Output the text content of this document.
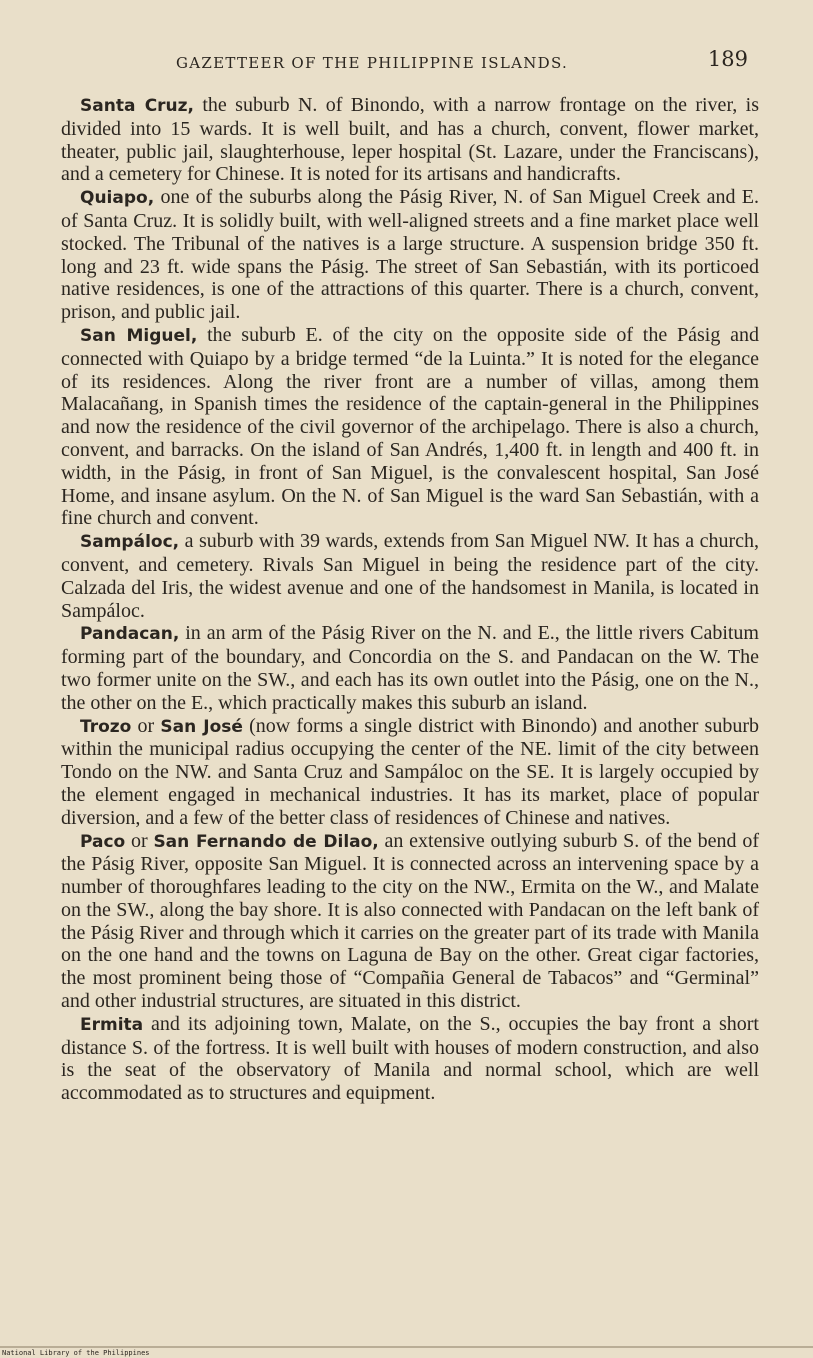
GAZETTEER OF THE PHILIPPINE ISLANDS.	189

Santa Cruz, the suburb N. of Binondo, with a narrow frontage on the river, is divided into 15 wards. It is well built, and has a church, convent, flower market, theater, public jail, slaughterhouse, leper hospital (St. Lazare, under the Franciscans), and a cemetery for Chinese. It is noted for its artisans and handicrafts.

Quiapo, one of the suburbs along the Pásig River, N. of San Miguel Creek and E. of Santa Cruz. It is solidly built, with well-aligned streets and a fine market place well stocked. The Tribunal of the natives is a large structure. A suspension bridge 350 ft. long and 23 ft. wide spans the Pásig. The street of San Sebastián, with its porticoed native residences, is one of the attractions of this quarter. There is a church, convent, prison, and public jail.

San Miguel, the suburb E. of the city on the opposite side of the Pásig and connected with Quiapo by a bridge termed “de la Luinta.” It is noted for the elegance of its residences. Along the river front are a number of villas, among them Malacañang, in Spanish times the residence of the captain-general in the Philippines and now the residence of the civil governor of the archipelago. There is also a church, convent, and barracks. On the island of San Andrés, 1,400 ft. in length and 400 ft. in width, in the Pásig, in front of San Miguel, is the convalescent hospital, San José Home, and insane asylum. On the N. of San Miguel is the ward San Sebastián, with a fine church and convent.

Sampáloc, a suburb with 39 wards, extends from San Miguel NW. It has a church, convent, and cemetery. Rivals San Miguel in being the residence part of the city. Calzada del Iris, the widest avenue and one of the handsomest in Manila, is located in Sampáloc.

Pandacan, in an arm of the Pásig River on the N. and E., the little rivers Cabitum forming part of the boundary, and Concordia on the S. and Pandacan on the W. The two former unite on the SW., and each has its own outlet into the Pásig, one on the N., the other on the E., which practically makes this suburb an island.

Trozo or San José (now forms a single district with Binondo) and another suburb within the municipal radius occupying the center of the NE. limit of the city between Tondo on the NW. and Santa Cruz and Sampáloc on the SE. It is largely occupied by the element engaged in mechanical industries. It has its market, place of popular diversion, and a few of the better class of residences of Chinese and natives.

Paco or San Fernando de Dilao, an extensive outlying suburb S. of the bend of the Pásig River, opposite San Miguel. It is connected across an intervening space by a number of thoroughfares leading to the city on the NW., Ermita on the W., and Malate on the SW., along the bay shore. It is also connected with Pandacan on the left bank of the Pásig River and through which it carries on the greater part of its trade with Manila on the one hand and the towns on Laguna de Bay on the other. Great cigar factories, the most prominent being those of “Compañia General de Tabacos” and “Germinal” and other industrial structures, are situated in this district.

Ermita and its adjoining town, Malate, on the S., occupies the bay front a short distance S. of the fortress. It is well built with houses of modern construction, and also is the seat of the observatory of Manila and normal school, which are well accommodated as to structures and equipment.

National Library of the Philippines
